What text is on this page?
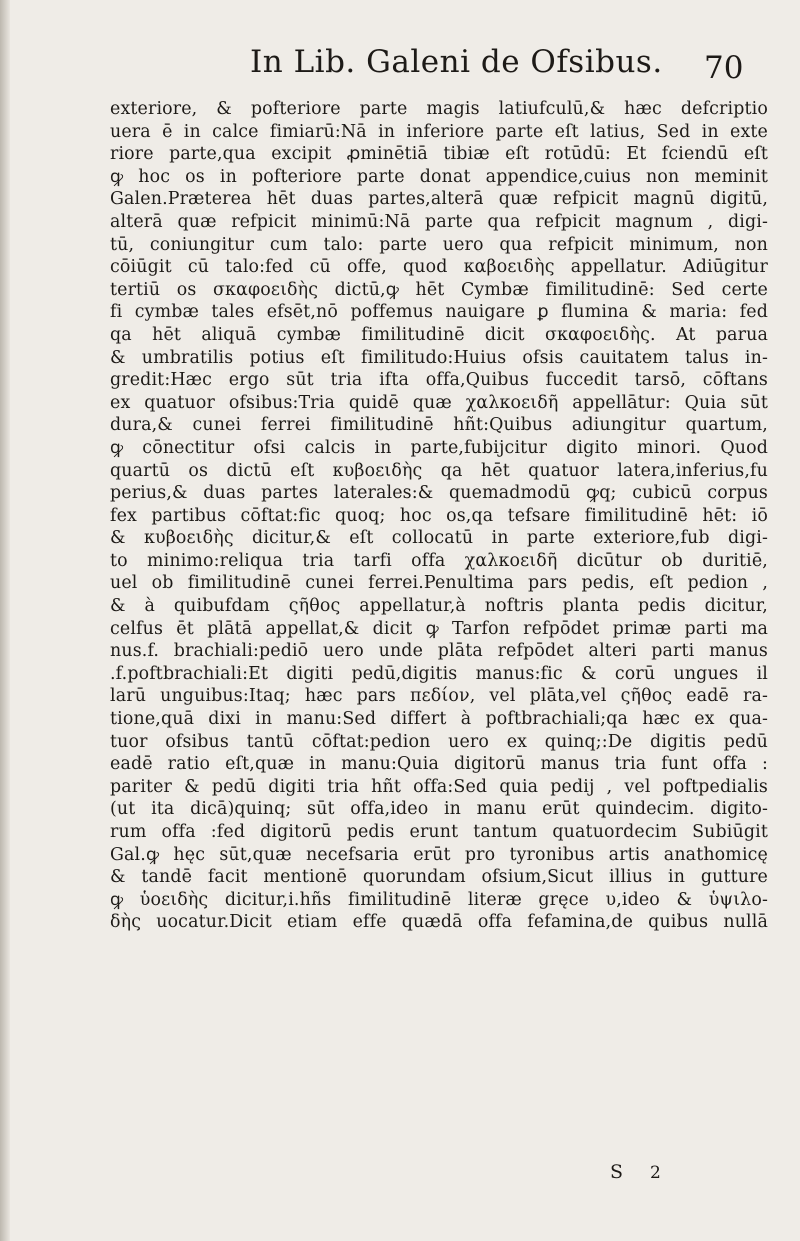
In Lib. Galeni de Ofsibus. 70
exteriore, & pofteriore parte magis latiufculū,& hæc defcriptio
uera ē in calce fimiarū:Nā in inferiore parte eſt latius, Sed in exte
riore parte,qua excipit ꝓminētiā tibiæ eſt rotūdū: Et fciendū eſt
ꝙ hoc os in pofteriore parte donat appendice,cuius non meminit
Galen.Præterea hēt duas partes,alterā quæ refpicit magnū digitū,
alterā quæ refpicit minimū:Nā parte qua refpicit magnum , digi-
tū, coniungitur cum talo: parte uero qua refpicit minimum, non
cōiūgit cū talo:fed cū offe, quod καβοειδὴς appellatur. Adiūgitur
tertiū os σκαφοειδὴς dictū,ꝙ hēt Cymbæ fimilitudinē: Sed certe
fi cymbæ tales efsēt,nō poffemus nauigare ꝑ flumina & maria: fed
qa hēt aliquā cymbæ fimilitudinē dicit σκαφοειδὴς. At parua
& umbratilis potius eſt fimilitudo:Huius ofsis cauitatem talus in-
gredit:Hæc ergo sūt tria ifta offa,Quibus fuccedit tarsō, cōftans
ex quatuor ofsibus:Tria quidē quæ χαλκοειδῆ appellātur: Quia sūt
dura,& cunei ferrei fimilitudinē hñt:Quibus adiungitur quartum,
ꝙ cōnectitur ofsi calcis in parte,fubijcitur digito minori. Quod
quartū os dictū eſt κυβοειδὴς qa hēt quatuor latera,inferius,fu
perius,& duas partes laterales:& quemadmodū ꝙq; cubicū corpus
fex partibus cōftat:fic quoq; hoc os,qa tefsare fimilitudinē hēt: iō
& κυβοειδὴς dicitur,& eſt collocatū in parte exteriore,fub digi-
to minimo:reliqua tria tarfi offa χαλκοειδῆ dicūtur ob duritiē,
uel ob fimilitudinē cunei ferrei.Penultima pars pedis, eſt pedion ,
& à quibufdam ςῆθος appellatur,à noftris planta pedis dicitur,
celfus ēt plātā appellat,& dicit ꝙ Tarfon refpōdet primæ parti ma
nus.f. brachiali:pediō uero unde plāta refpōdet alteri parti manus
.f.poftbrachiali:Et digiti pedū,digitis manus:fic & corū ungues il
larū unguibus:Itaq; hæc pars πεδίον, vel plāta,vel ςῆθος eadē ra-
tione,quā dixi in manu:Sed differt à poftbrachiali;qa hæc ex qua-
tuor ofsibus tantū cōftat:pedion uero ex quinq;:De digitis pedū
eadē ratio eſt,quæ in manu:Quia digitorū manus tria funt offa :
pariter & pedū digiti tria hñt offa:Sed quia pedij , vel poftpedialis
(ut ita dicā)quinq; sūt offa,ideo in manu erūt quindecim. digito-
rum offa :fed digitorū pedis erunt tantum quatuordecim Subiūgit
Gal.ꝙ hęc sūt,quæ necefsaria erūt pro tyronibus artis anathomicę
& tandē facit mentionē quorundam ofsium,Sicut illius in gutture
ꝙ ὑοειδὴς dicitur,i.hñs fimilitudinē literæ gręce υ,ideo & ὑψιλο-
δὴς uocatur.Dicit etiam effe quædā offa fefamina,de quibus nullā
S 2
